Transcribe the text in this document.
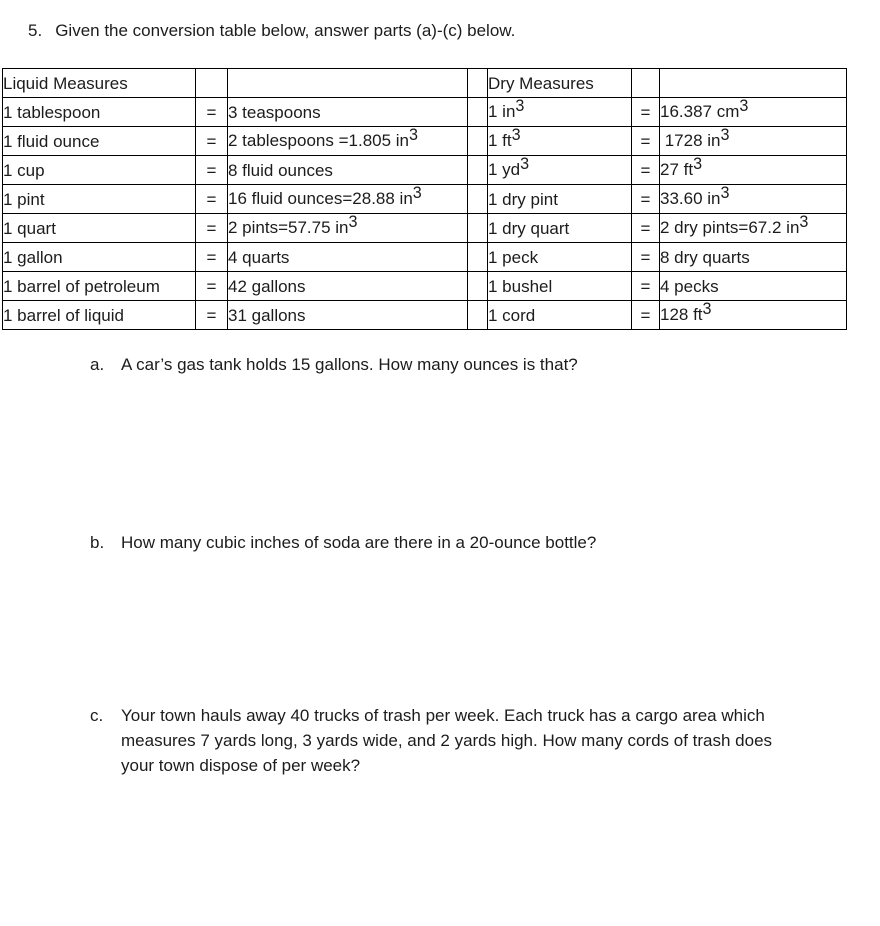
5. Given the conversion table below, answer parts (a)-(c) below.
Liquid Measures				Dry Measures		
1 tablespoon	=	3 teaspoons		1 in3	=	16.387 cm3
1 fluid ounce	=	2 tablespoons =1.805 in3		1 ft3	=	1728 in3
1 cup	=	8 fluid ounces		1 yd3	=	27 ft3
1 pint	=	16 fluid ounces=28.88 in3		1 dry pint	=	33.60 in3
1 quart	=	2 pints=57.75 in3		1 dry quart	=	2 dry pints=67.2 in3
1 gallon	=	4 quarts		1 peck	=	8 dry quarts
1 barrel of petroleum	=	42 gallons		1 bushel	=	4 pecks
1 barrel of liquid	=	31 gallons		1 cord	=	128 ft3
a. A car’s gas tank holds 15 gallons. How many ounces is that?
b. How many cubic inches of soda are there in a 20-ounce bottle?
c.	Your town hauls away 40 trucks of trash per week. Each truck has a cargo area which measures 7 yards long, 3 yards wide, and 2 yards high. How many cords of trash does your town dispose of per week?
